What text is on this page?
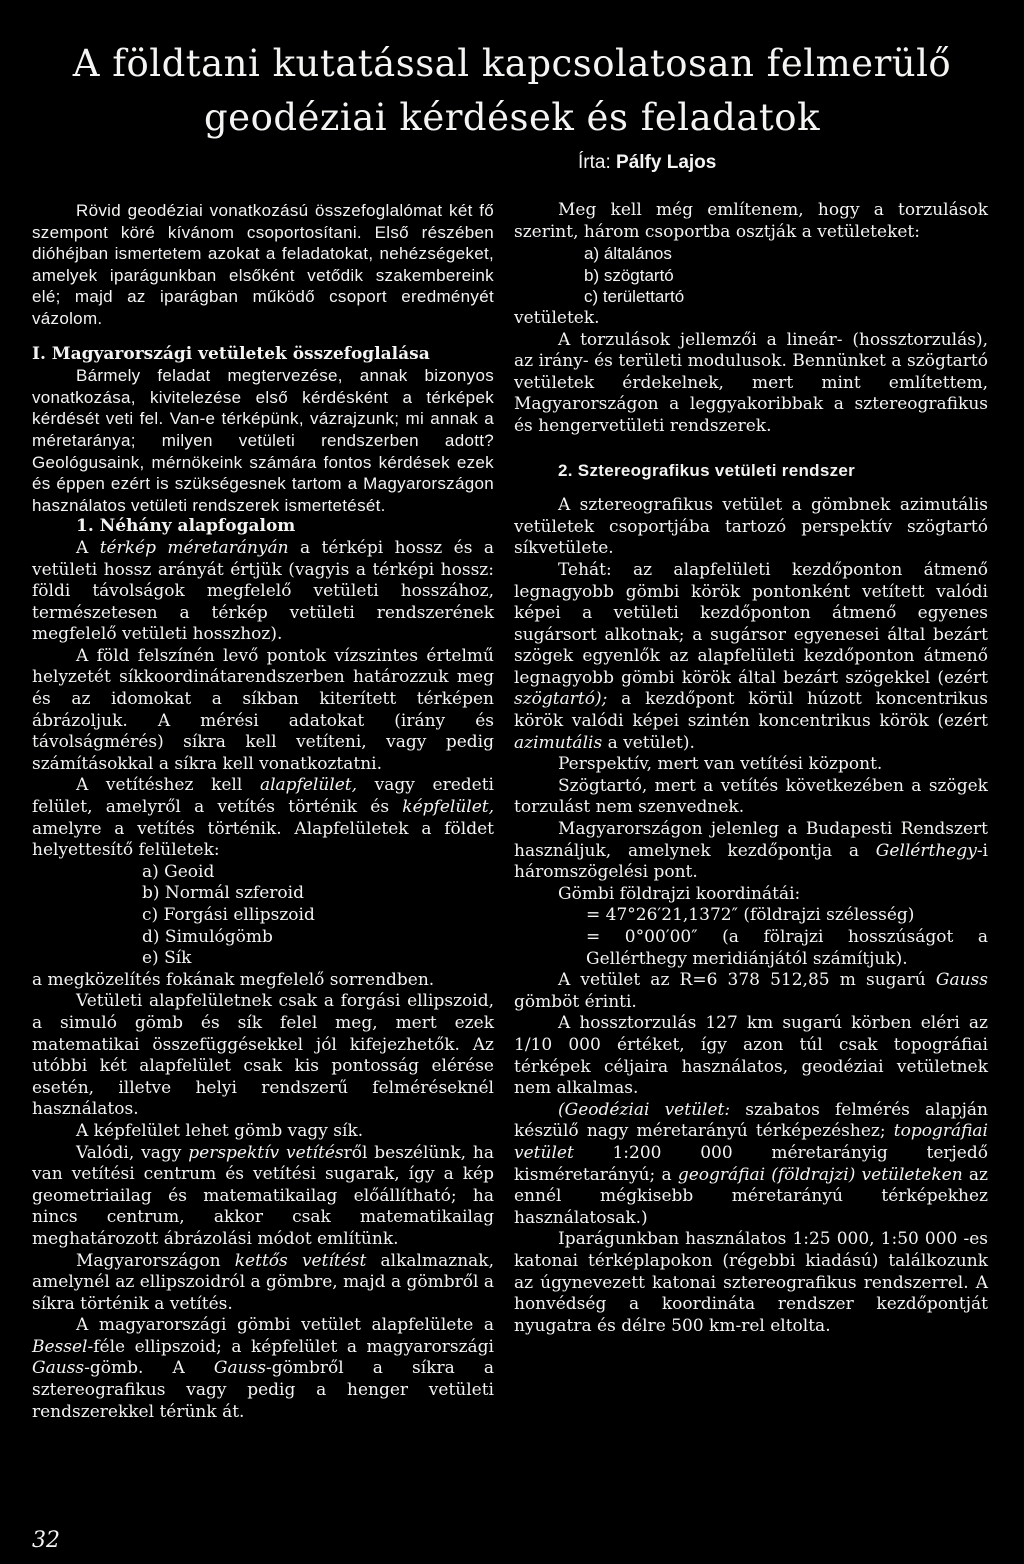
A földtani kutatással kapcsolatosan felmerülő
geodéziai kérdések és feladatok
Írta: Pálfy Lajos

Rövid geodéziai vonatkozású összefoglalómat két fő szempont köré kívánom csoportosítani. Első részében dióhéjban ismertetem azokat a feladatokat, nehézségeket, amelyek iparágunkban elsőként vetődik szakembereink elé; majd az iparágban működő csoport eredményét vázolom.

I. Magyarországi vetületek összefoglalása

Bármely feladat megtervezése, annak bizonyos vonatkozása, kivitelezése első kérdésként a térképek kérdését veti fel. Van-e térképünk, vázrajzunk; mi annak a méretaránya; milyen vetületi rendszerben adott? Geológusaink, mérnökeink számára fontos kérdések ezek és éppen ezért is szükségesnek tartom a Magyarországon használatos vetületi rendszerek ismertetését.

1. Néhány alapfogalom

A térkép méretarányán a térképi hossz és a vetületi hossz arányát értjük (vagyis a térképi hossz: földi távolságok megfelelő vetületi hosszához, természetesen a térkép vetületi rendszerének megfelelő vetületi hosszhoz).

A föld felszínén levő pontok vízszintes értelmű helyzetét síkkoordinátarendszerben határozzuk meg és az idomokat a síkban kiterített térképen ábrázoljuk. A mérési adatokat (irány és távolságmérés) síkra kell vetíteni, vagy pedig számításokkal a síkra kell vonatkoztatni.

A vetítéshez kell alapfelület, vagy eredeti felület, amelyről a vetítés történik és képfelület, amelyre a vetítés történik. Alapfelületek a földet helyettesítő felületek:

a) Geoid

b) Normál szferoid

c) Forgási ellipszoid

d) Simulógömb

e) Sík

a megközelítés fokának megfelelő sorrendben.

Vetületi alapfelületnek csak a forgási ellipszoid, a simuló gömb és sík felel meg, mert ezek matematikai összefüggésekkel jól kifejezhetők. Az utóbbi két alapfelület csak kis pontosság elérése esetén, illetve helyi rendszerű felméréseknél használatos.

A képfelület lehet gömb vagy sík.

Valódi, vagy perspektív vetítésről beszélünk, ha van vetítési centrum és vetítési sugarak, így a kép geometriailag és matematikailag előállítható; ha nincs centrum, akkor csak matematikailag meghatározott ábrázolási módot említünk.

Magyarországon kettős vetítést alkalmaznak, amelynél az ellipszoidról a gömbre, majd a gömbről a síkra történik a vetítés.

A magyarországi gömbi vetület alapfelülete a Bessel-féle ellipszoid; a képfelület a magyarországi Gauss-gömb. A Gauss-gömbről a síkra a sztereografikus vagy pedig a henger vetületi rendszerekkel térünk át.

Meg kell még említenem, hogy a torzulások szerint, három csoportba osztják a vetületeket:

a) általános

b) szögtartó

c) területtartó

vetületek.

A torzulások jellemzői a lineár- (hossztorzulás), az irány- és területi modulusok. Bennünket a szögtartó vetületek érdekelnek, mert mint említettem, Magyarországon a leggyakoribbak a sztereografikus és hengervetületi rendszerek.

2. Sztereografikus vetületi rendszer

A sztereografikus vetület a gömbnek azimutális vetületek csoportjába tartozó perspektív szögtartó síkvetülete.

Tehát: az alapfelületi kezdőponton átmenő legnagyobb gömbi körök pontonként vetített valódi képei a vetületi kezdőponton átmenő egyenes sugársort alkotnak; a sugársor egyenesei által bezárt szögek egyenlők az alapfelületi kezdőponton átmenő legnagyobb gömbi körök által bezárt szögekkel (ezért szögtartó); a kezdőpont körül húzott koncentrikus körök valódi képei szintén koncentrikus körök (ezért azimutális a vetület).

Perspektív, mert van vetítési központ.

Szögtartó, mert a vetítés következében a szögek torzulást nem szenvednek.

Magyarországon jelenleg a Budapesti Rendszert használjuk, amelynek kezdőpontja a Gellérthegy-i háromszögelési pont.

Gömbi földrajzi koordinátái:

= 47°26′21,1372″ (földrajzi szélesség)

= 0°00′00″ (a fölrajzi hosszúságot a Gellérthegy meridiánjától számítjuk).

A vetület az R=6 378 512,85 m sugarú Gauss gömböt érinti.

A hossztorzulás 127 km sugarú körben eléri az 1/10 000 értéket, így azon túl csak topográfiai térképek céljaira használatos, geodéziai vetületnek nem alkalmas.

(Geodéziai vetület: szabatos felmérés alapján készülő nagy méretarányú térképezéshez; topográfiai vetület 1:200 000 méretarányig terjedő kisméretarányú; a geográfiai (földrajzi) vetületeken az ennél mégkisebb méretarányú térképekhez használatosak.)

Iparágunkban használatos 1:25 000, 1:50 000 -es katonai térképlapokon (régebbi kiadású) találkozunk az úgynevezett katonai sztereografikus rendszerrel. A honvédség a koordináta rendszer kezdőpontját nyugatra és délre 500 km-rel eltolta.

32
